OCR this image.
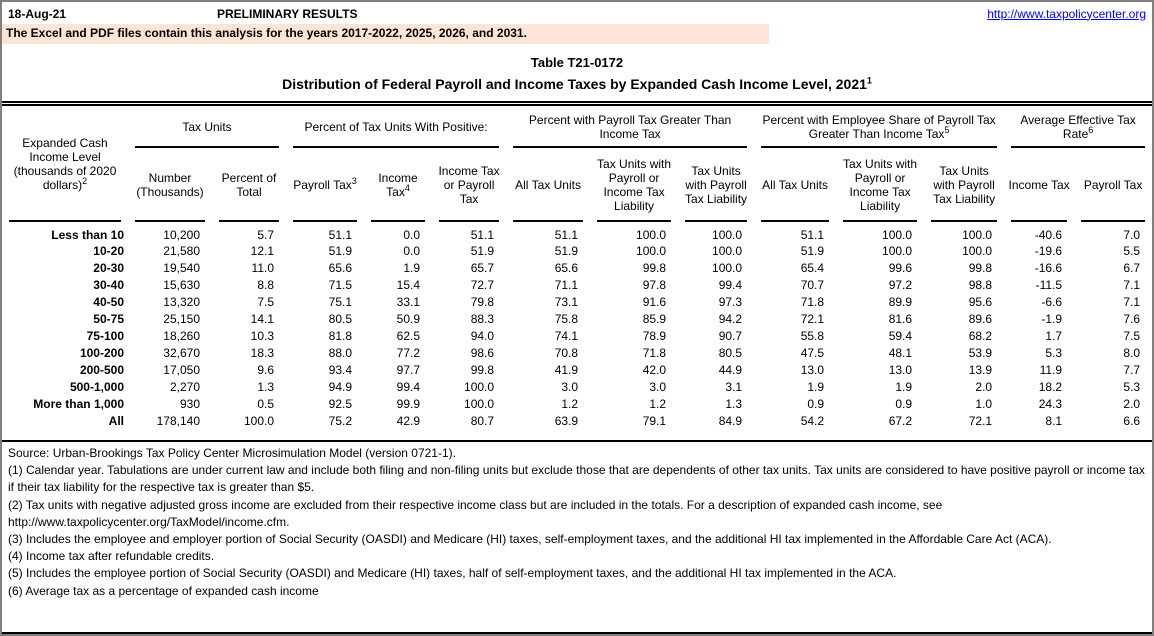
18-Aug-21	PRELIMINARY RESULTS	http://www.taxpolicycenter.org
The Excel and PDF files contain this analysis for the years 2017-2022, 2025, 2026, and 2031.
Table T21-0172
Distribution of Federal Payroll and Income Taxes by Expanded Cash Income Level, 2021$^1$
Expanded Cash Income Level (thousands of 2020 dollars)$^2$	Tax Units		Percent of Tax Units With Positive:			Percent with Payroll Tax Greater Than Income Tax			Percent with Employee Share of Payroll Tax Greater Than Income Tax$^5$			Average Effective Tax Rate$^6$
	Number (Thousands)	Percent of Total	Payroll Tax$^3$	Income Tax$^4$	Income Tax or Payroll Tax	All Tax Units	Tax Units with Payroll or Income Tax Liability	Tax Units with Payroll Tax Liability	All Tax Units	Tax Units with Payroll or Income Tax Liability	Tax Units with Payroll Tax Liability	Income Tax	Payroll Tax
Less than 10	10,200	5.7	51.1	0.0	51.1	51.1	100.0	100.0	51.1	100.0	100.0	-40.6	7.0
10-20	21,580	12.1	51.9	0.0	51.9	51.9	100.0	100.0	51.9	100.0	100.0	-19.6	5.5
20-30	19,540	11.0	65.6	1.9	65.7	65.6	99.8	100.0	65.4	99.6	99.8	-16.6	6.7
30-40	15,630	8.8	71.5	15.4	72.7	71.1	97.8	99.4	70.7	97.2	98.8	-11.5	7.1
40-50	13,320	7.5	75.1	33.1	79.8	73.1	91.6	97.3	71.8	89.9	95.6	-6.6	7.1
50-75	25,150	14.1	80.5	50.9	88.3	75.8	85.9	94.2	72.1	81.6	89.6	-1.9	7.6
75-100	18,260	10.3	81.8	62.5	94.0	74.1	78.9	90.7	55.8	59.4	68.2	1.7	7.5
100-200	32,670	18.3	88.0	77.2	98.6	70.8	71.8	80.5	47.5	48.1	53.9	5.3	8.0
200-500	17,050	9.6	93.4	97.7	99.8	41.9	42.0	44.9	13.0	13.0	13.9	11.9	7.7
500-1,000	2,270	1.3	94.9	99.4	100.0	3.0	3.0	3.1	1.9	1.9	2.0	18.2	5.3
More than 1,000	930	0.5	92.5	99.9	100.0	1.2	1.2	1.3	0.9	0.9	1.0	24.3	2.0
All	178,140	100.0	75.2	42.9	80.7	63.9	79.1	84.9	54.2	67.2	72.1	8.1	6.6

Source: Urban-Brookings Tax Policy Center Microsimulation Model (version 0721-1).

(1) Calendar year. Tabulations are under current law and include both filing and non-filing units but exclude those that are dependents of other tax units. Tax units are considered to have positive payroll or income tax if their tax liability for the respective tax is greater than $5.

(2) Tax units with negative adjusted gross income are excluded from their respective income class but are included in the totals. For a description of expanded cash income, see http://www.taxpolicycenter.org/TaxModel/income.cfm.

(3) Includes the employee and employer portion of Social Security (OASDI) and Medicare (HI) taxes, self-employment taxes, and the additional HI tax implemented in the Affordable Care Act (ACA).

(4) Income tax after refundable credits.

(5) Includes the employee portion of Social Security (OASDI) and Medicare (HI) taxes, half of self-employment taxes, and the additional HI tax implemented in the ACA.

(6) Average tax as a percentage of expanded cash income
